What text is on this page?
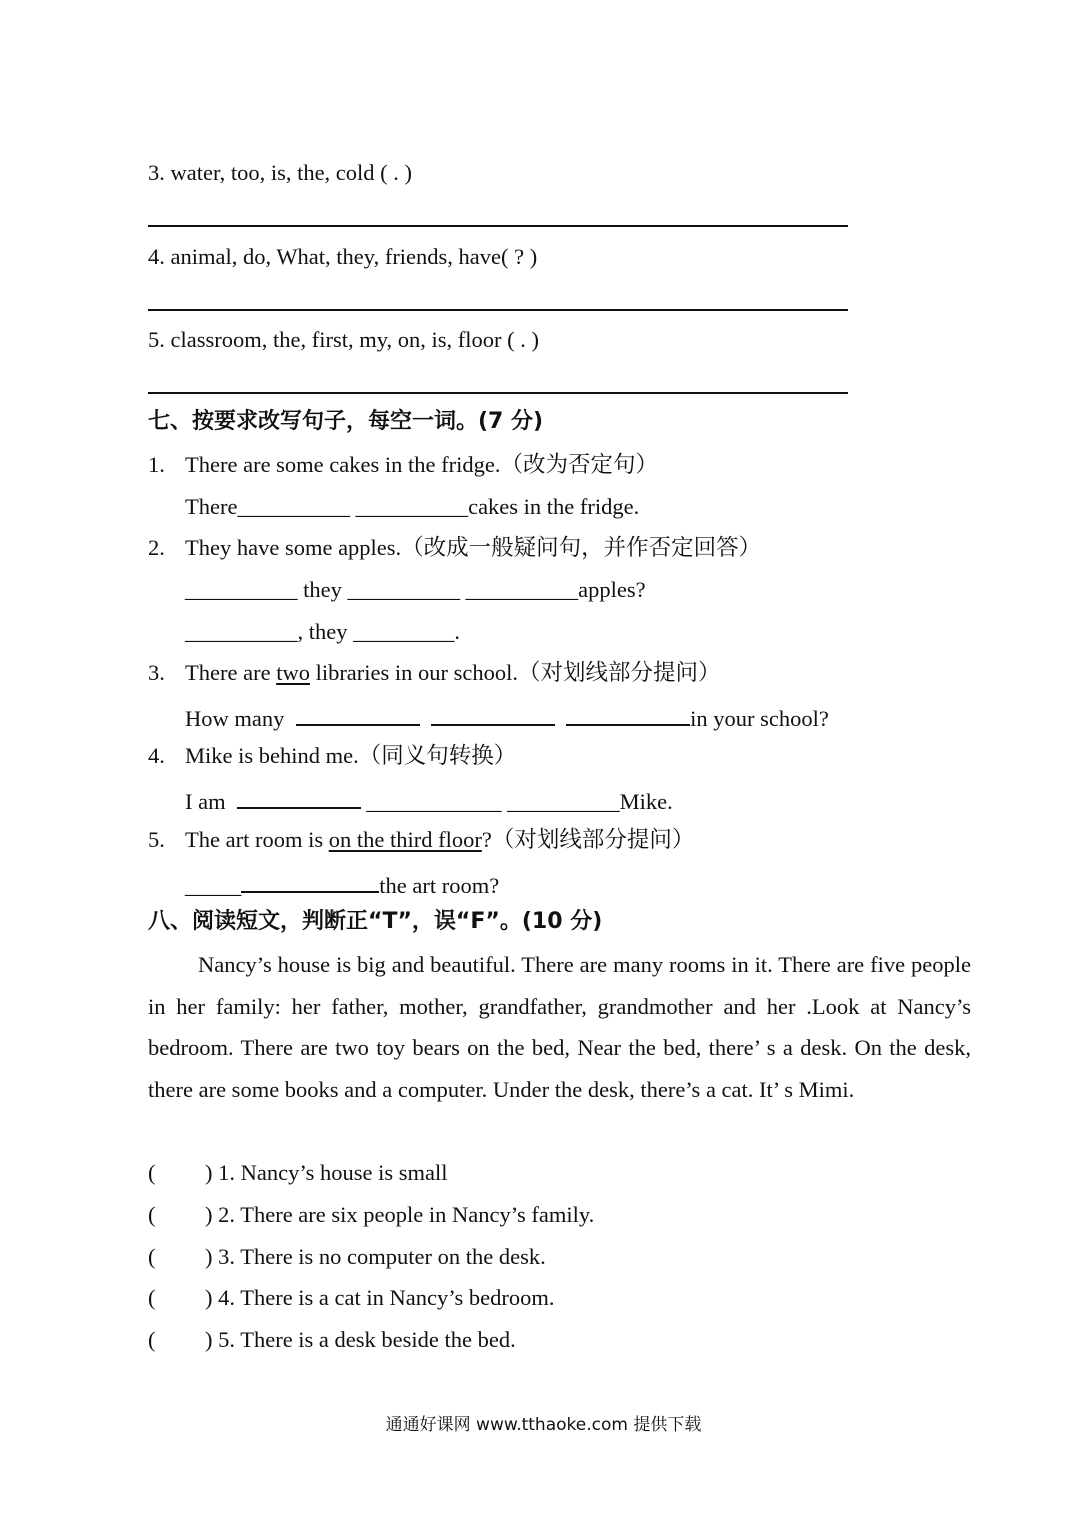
3. water, too, is, the, cold ( . )
4. animal, do, What, they, friends, have( ? )
5. classroom, the, first, my, on, is, floor ( . )
七、按要求改写句子，每空一词。(7 分)
1. There are some cakes in the fridge.（改为否定句）
There__________ __________cakes in the fridge.
2. They have some apples.（改成一般疑问句，并作否定回答）
__________ they __________ __________apples?
__________, they _________.
3. There are two libraries in our school.（对划线部分提问）
How many	in your school?
4. Mike is behind me.（同义句转换）
I am	____________ __________Mike.
5. The art room is on the third floor?（对划线部分提问）
_____	the art room?
八、阅读短文，判断正“T”，误“F”。(10 分)
Nancy’s house is big and beautiful. There are many rooms in it. There are five people in her family: her father, mother, grandfather, grandmother and her .Look at Nancy’s bedroom. There are two toy bears on the bed, Near the bed, there’ s a desk. On the desk, there are some books and a computer. Under the desk, there’s a cat. It’ s Mimi.
( ) 1. Nancy’s house is small
( ) 2. There are six people in Nancy’s family.
( ) 3. There is no computer on the desk.
( ) 4. There is a cat in Nancy’s bedroom.
( ) 5. There is a desk beside the bed.
通通好课网 www.tthaoke.com 提供下载
